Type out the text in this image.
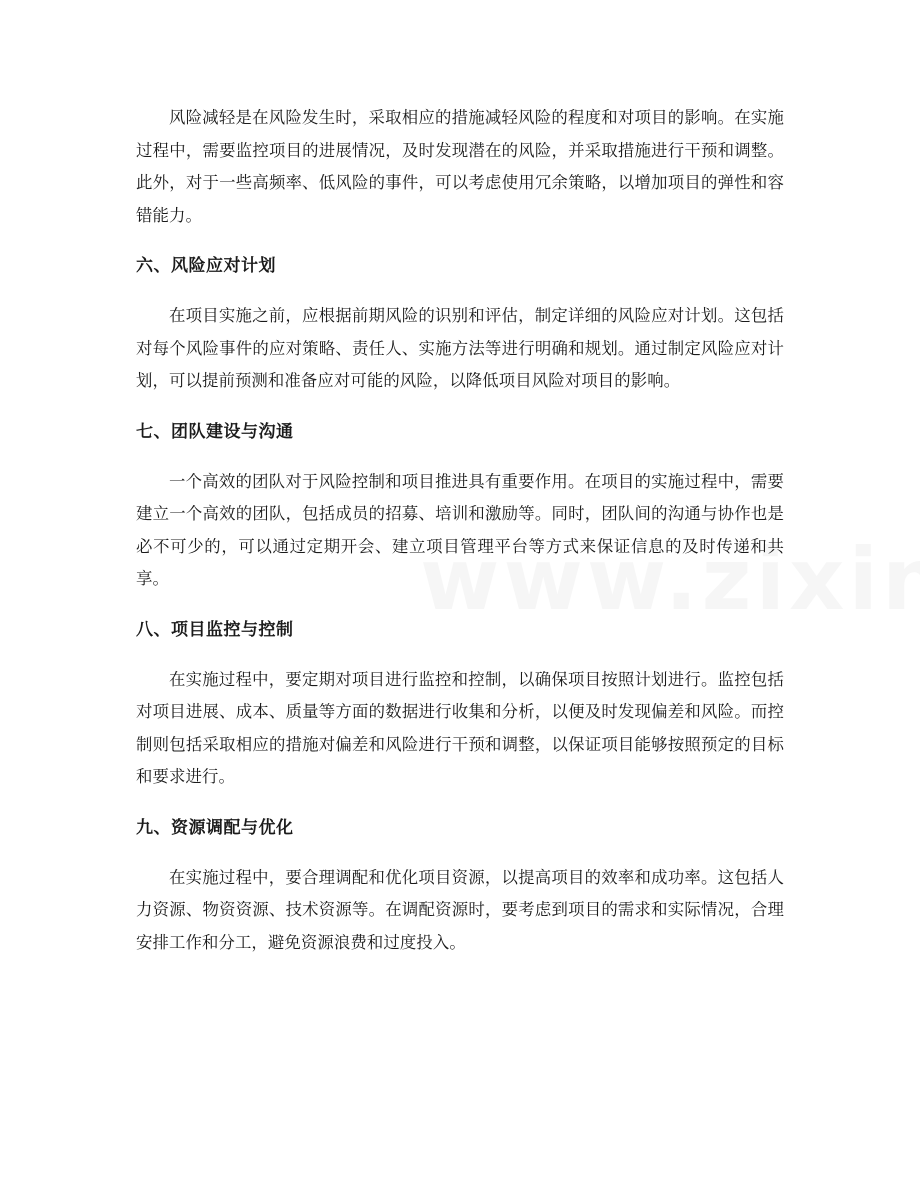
风险减轻是在风险发生时，采取相应的措施减轻风险的程度和对项目的影响。在实施过程中，需要监控项目的进展情况，及时发现潜在的风险，并采取措施进行干预和调整。此外，对于一些高频率、低风险的事件，可以考虑使用冗余策略，以增加项目的弹性和容错能力。

六、风险应对计划

在项目实施之前，应根据前期风险的识别和评估，制定详细的风险应对计划。这包括对每个风险事件的应对策略、责任人、实施方法等进行明确和规划。通过制定风险应对计划，可以提前预测和准备应对可能的风险，以降低项目风险对项目的影响。

七、团队建设与沟通

一个高效的团队对于风险控制和项目推进具有重要作用。在项目的实施过程中，需要建立一个高效的团队，包括成员的招募、培训和激励等。同时，团队间的沟通与协作也是必不可少的，可以通过定期开会、建立项目管理平台等方式来保证信息的及时传递和共享。

八、项目监控与控制

在实施过程中，要定期对项目进行监控和控制，以确保项目按照计划进行。监控包括对项目进展、成本、质量等方面的数据进行收集和分析，以便及时发现偏差和风险。而控制则包括采取相应的措施对偏差和风险进行干预和调整，以保证项目能够按照预定的目标和要求进行。

九、资源调配与优化

在实施过程中，要合理调配和优化项目资源，以提高项目的效率和成功率。这包括人力资源、物资资源、技术资源等。在调配资源时，要考虑到项目的需求和实际情况，合理安排工作和分工，避免资源浪费和过度投入。
